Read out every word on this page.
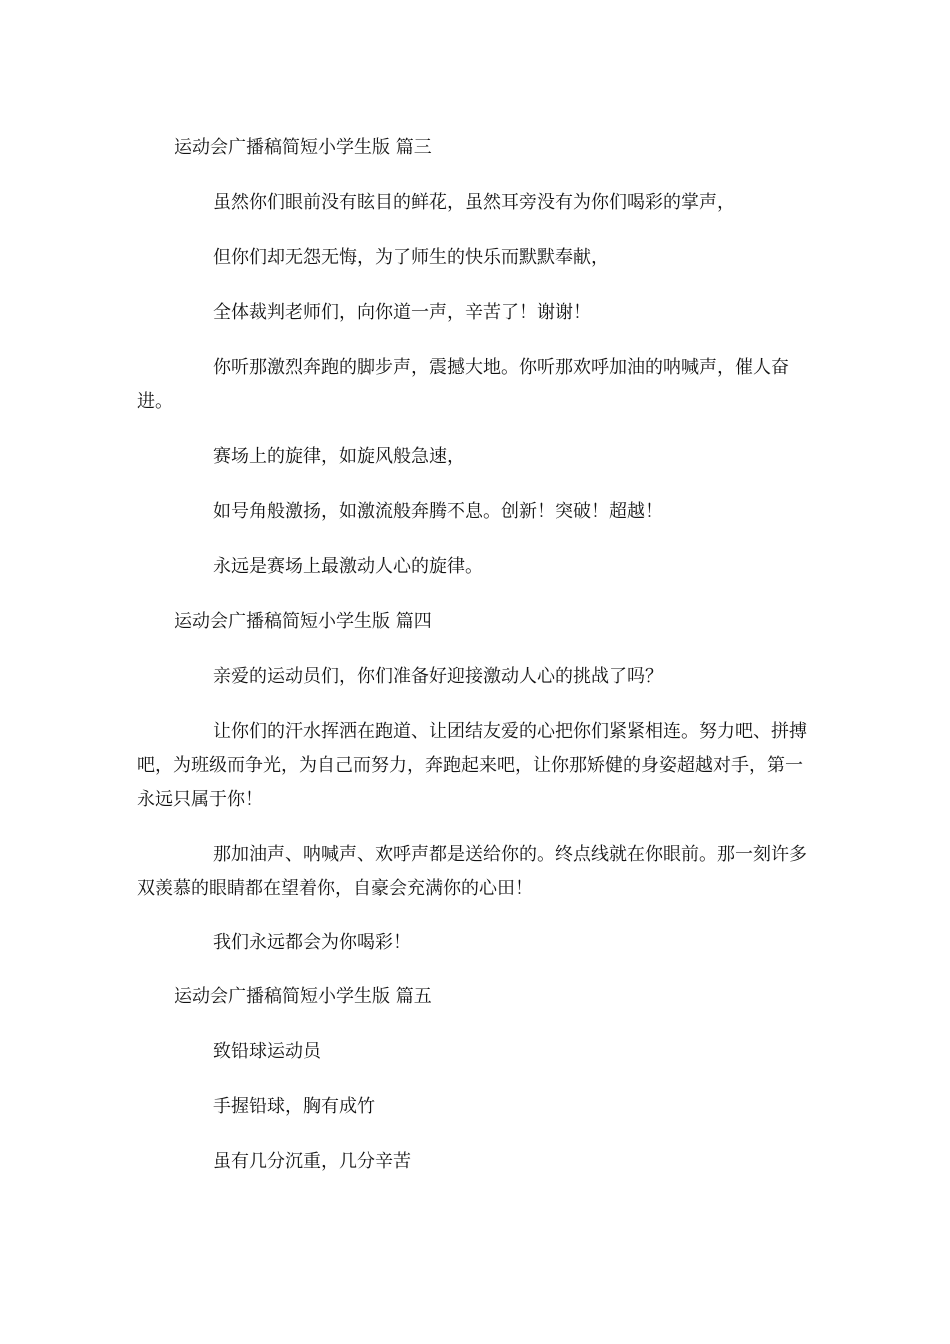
运动会广播稿简短小学生版 篇三

虽然你们眼前没有眩目的鲜花，虽然耳旁没有为你们喝彩的掌声，

但你们却无怨无悔，为了师生的快乐而默默奉献，

全体裁判老师们，向你道一声，辛苦了！谢谢！

你听那激烈奔跑的脚步声，震撼大地。你听那欢呼加油的呐喊声，催人奋进。

赛场上的旋律，如旋风般急速，

如号角般激扬，如激流般奔腾不息。创新！突破！超越！

永远是赛场上最激动人心的旋律。

运动会广播稿简短小学生版 篇四

亲爱的运动员们，你们准备好迎接激动人心的挑战了吗？

让你们的汗水挥洒在跑道、让团结友爱的心把你们紧紧相连。努力吧、拼搏吧，为班级而争光，为自己而努力，奔跑起来吧，让你那矫健的身姿超越对手，第一永远只属于你！

那加油声、呐喊声、欢呼声都是送给你的。终点线就在你眼前。那一刻许多双羡慕的眼睛都在望着你，自豪会充满你的心田！

我们永远都会为你喝彩！

运动会广播稿简短小学生版 篇五

致铅球运动员

手握铅球，胸有成竹

虽有几分沉重，几分辛苦
